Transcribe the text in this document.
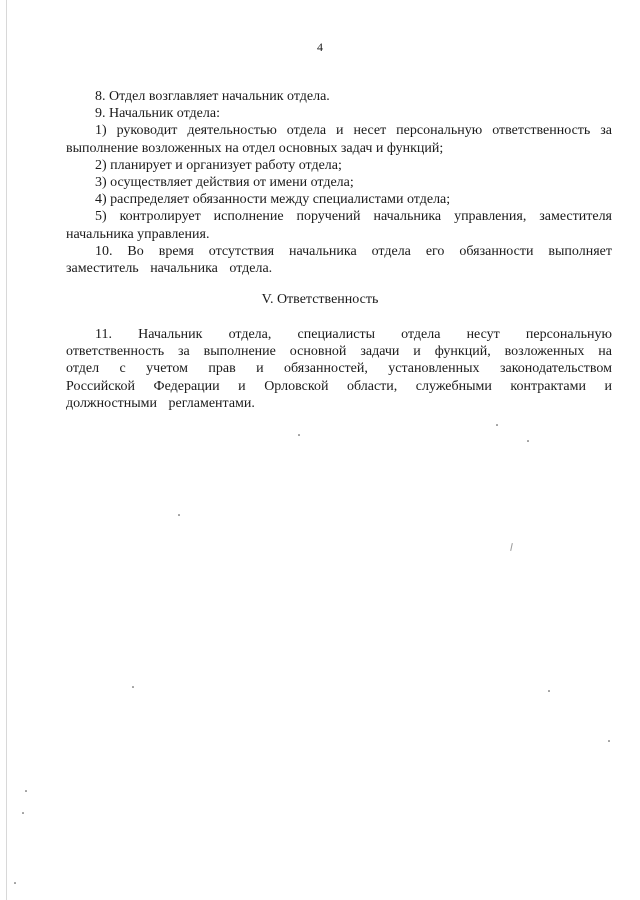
4

8. Отдел возглавляет начальник отдела.

9. Начальник отдела:

1) руководит деятельностью отдела и несет персональную ответственность за выполнение возложенных на отдел основных задач и функций;

2) планирует и организует работу отдела;

3) осуществляет действия от имени отдела;

4) распределяет обязанности между специалистами отдела;

5) контролирует исполнение поручений начальника управления, заместителя начальника управления.

10. Во время отсутствия начальника отдела его обязанности выполняет заместитель начальника отдела.

V. Ответственность

11. Начальник отдела, специалисты отдела несут персональную ответственность за выполнение основной задачи и функций, возложенных на отдел с учетом прав и обязанностей, установленных законодательством Российской Федерации и Орловской области, служебными контрактами и должностными регламентами.
